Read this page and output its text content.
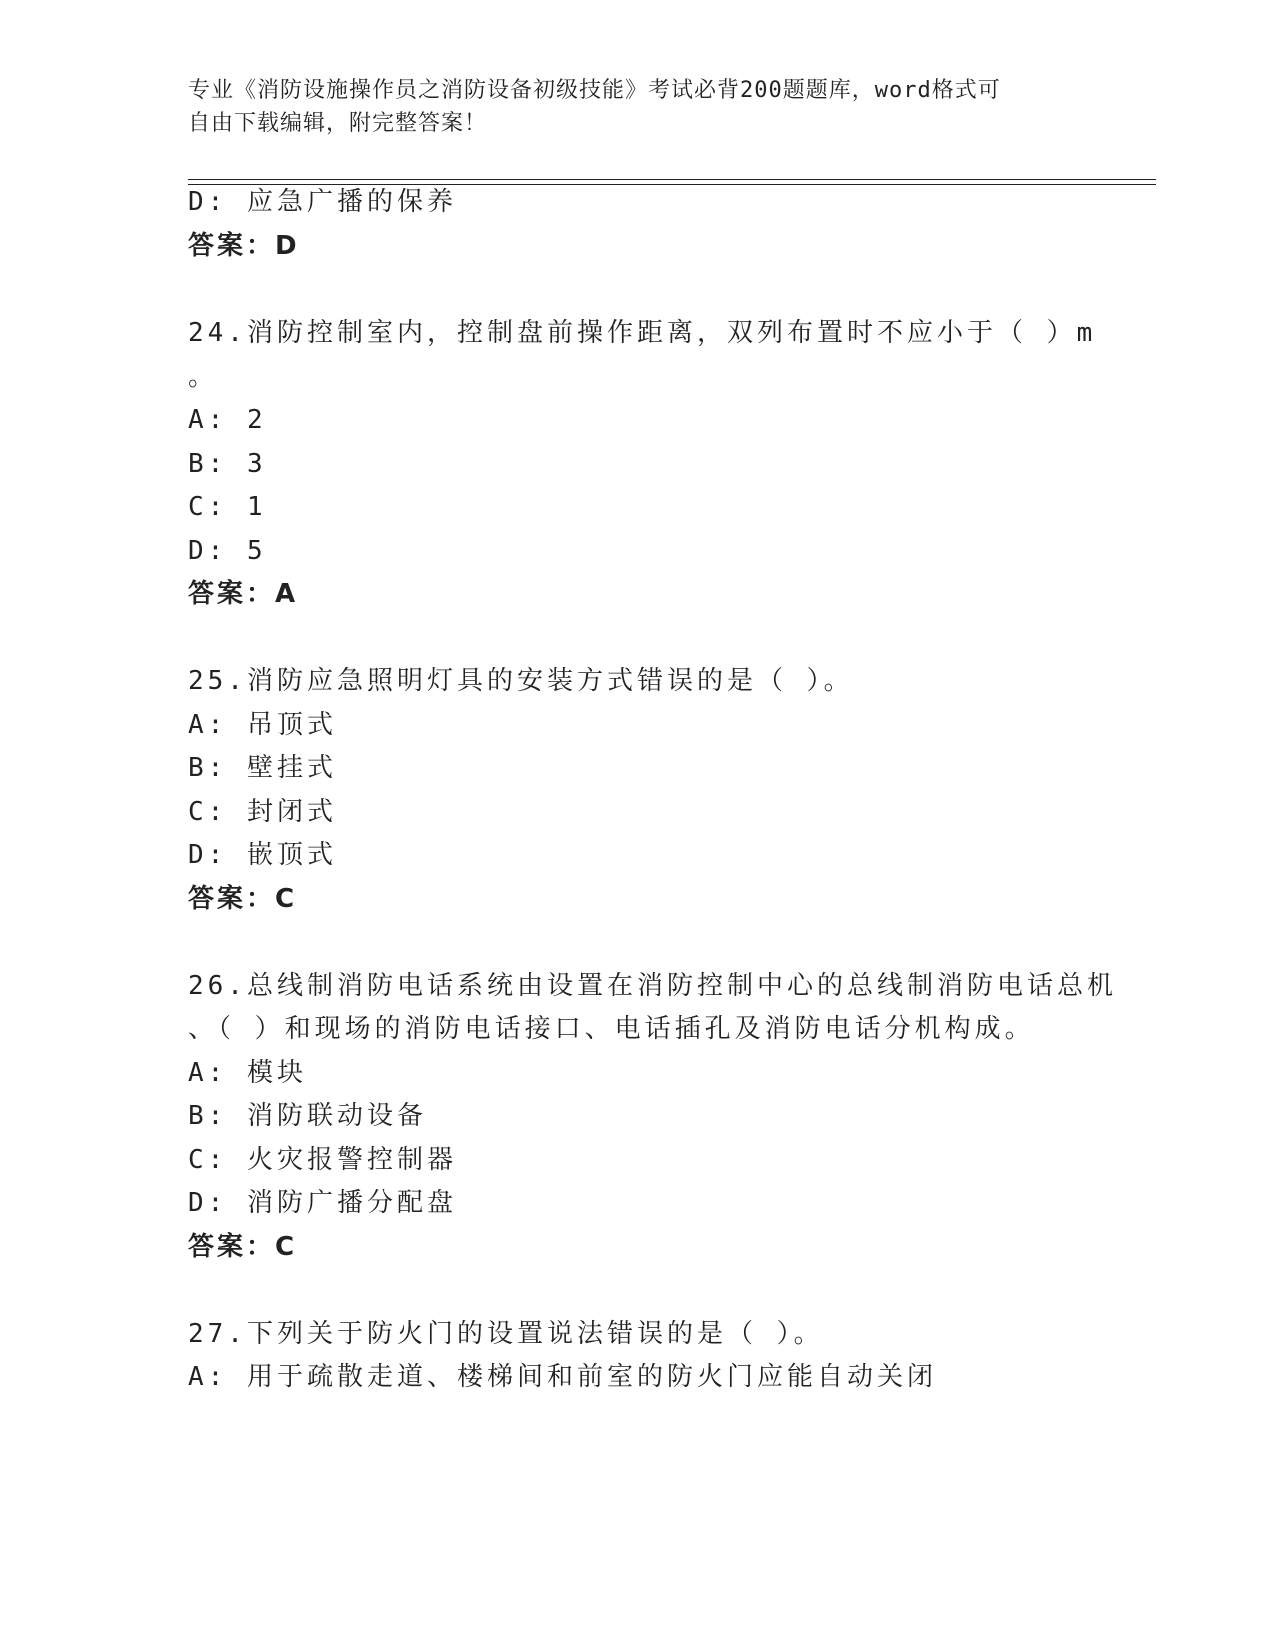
专业《消防设施操作员之消防设备初级技能》考试必背200题题库，word格式可
自由下载编辑，附完整答案！
D: 应急广播的保养
答案：D
24.消防控制室内，控制盘前操作距离，双列布置时不应小于（ ）m
。
A: 2
B: 3
C: 1
D: 5
答案：A
25.消防应急照明灯具的安装方式错误的是（ ）。
A: 吊顶式
B: 壁挂式
C: 封闭式
D: 嵌顶式
答案：C
26.总线制消防电话系统由设置在消防控制中心的总线制消防电话总机
、（ ）和现场的消防电话接口、电话插孔及消防电话分机构成。
A: 模块
B: 消防联动设备
C: 火灾报警控制器
D: 消防广播分配盘
答案：C
27.下列关于防火门的设置说法错误的是（ ）。
A: 用于疏散走道、楼梯间和前室的防火门应能自动关闭
